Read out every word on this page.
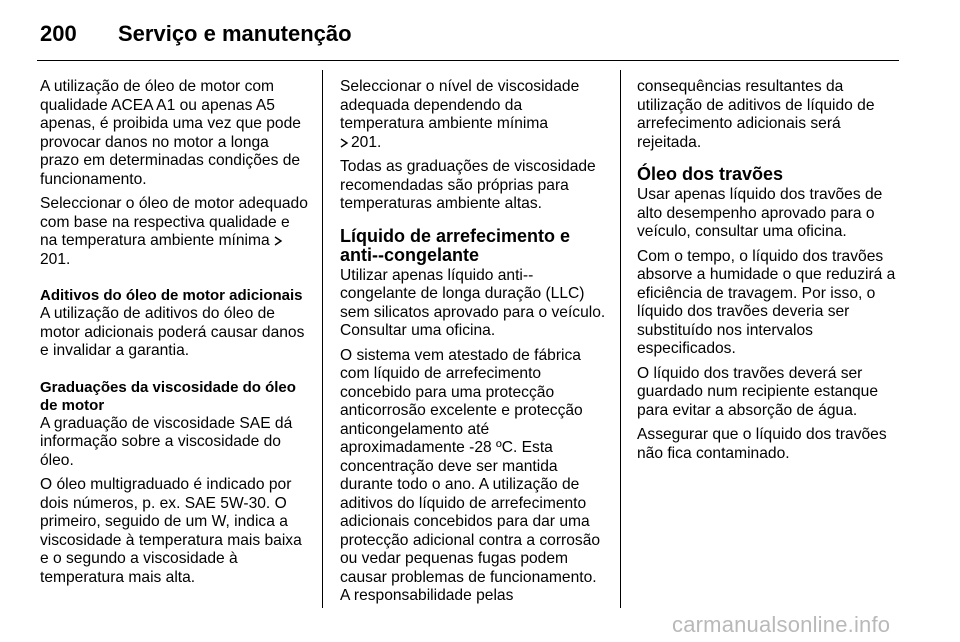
200	Serviço e manutenção

A utilização de óleo de motor com qualidade ACEA A1 ou apenas A5 apenas, é proibida uma vez que pode provocar danos no motor a longa prazo em determinadas condições de funcionamento.

Seleccionar o óleo de motor adequado com base na respectiva qualidade e na temperatura ambiente mínima 201.

Aditivos do óleo de motor adicionais

A utilização de aditivos do óleo de motor adicionais poderá causar danos e invalidar a garantia.

Graduações da viscosidade do óleo de motor

A graduação de viscosidade SAE dá informação sobre a viscosidade do óleo.

O óleo multigraduado é indicado por dois números, p. ex. SAE 5W-30. O primeiro, seguido de um W, indica a viscosidade à temperatura mais baixa e o segundo a viscosidade à temperatura mais alta.

Seleccionar o nível de viscosidade adequada dependendo da temperatura ambiente mínima
201.

Todas as graduações de viscosidade recomendadas são próprias para temperaturas ambiente altas.

Líquido de arrefecimento e anti--congelante

Utilizar apenas líquido anti--congelante de longa duração (LLC) sem silicatos aprovado para o veículo. Consultar uma oficina.

O sistema vem atestado de fábrica com líquido de arrefecimento concebido para uma protecção anticorrosão excelente e protecção anticongelamento até aproximadamente -28 ºC. Esta concentração deve ser mantida durante todo o ano. A utilização de aditivos do líquido de arrefecimento adicionais concebidos para dar uma protecção adicional contra a corrosão ou vedar pequenas fugas podem causar problemas de funcionamento. A responsabilidade pelas

consequências resultantes da utilização de aditivos de líquido de arrefecimento adicionais será rejeitada.

Óleo dos travões

Usar apenas líquido dos travões de alto desempenho aprovado para o veículo, consultar uma oficina.

Com o tempo, o líquido dos travões absorve a humidade o que reduzirá a eficiência de travagem. Por isso, o líquido dos travões deveria ser substituído nos intervalos especificados.

O líquido dos travões deverá ser guardado num recipiente estanque para evitar a absorção de água.

Assegurar que o líquido dos travões não fica contaminado.

carmanualsonline.info
